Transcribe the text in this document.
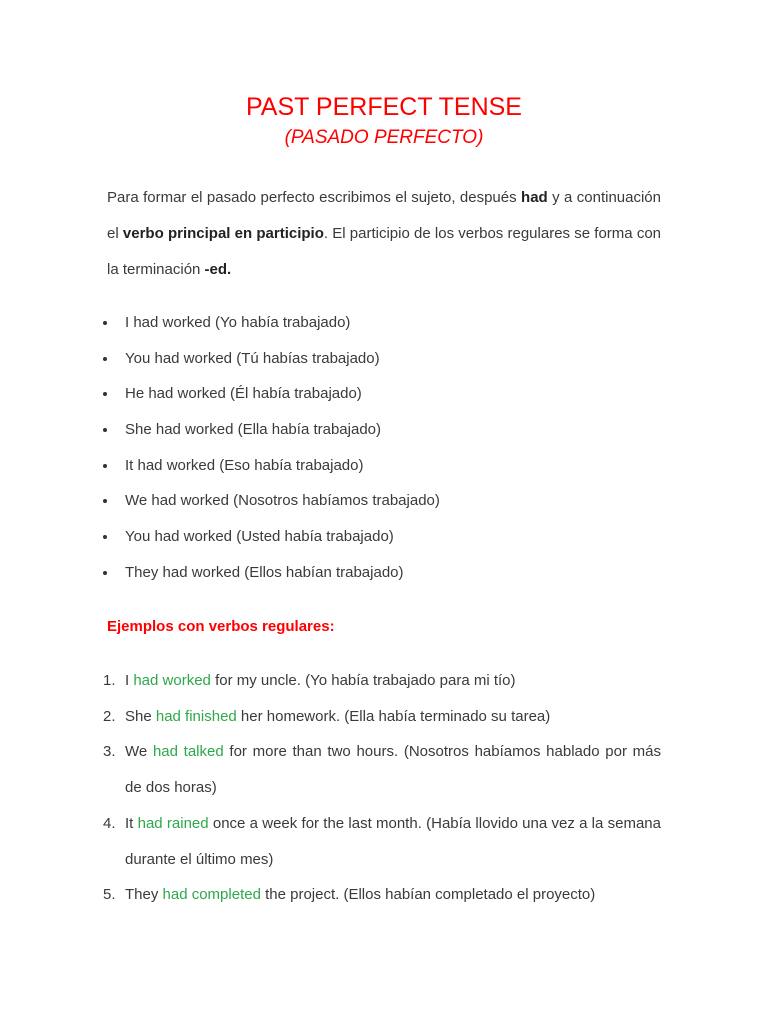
PAST PERFECT TENSE
(PASADO PERFECTO)

Para formar el pasado perfecto escribimos el sujeto, después had y a continuación el verbo principal en participio. El participio de los verbos regulares se forma con la terminación -ed.

I had worked (Yo había trabajado)
You had worked (Tú habías trabajado)
He had worked (Él había trabajado)
She had worked (Ella había trabajado)
It had worked (Eso había trabajado)
We had worked (Nosotros habíamos trabajado)
You had worked (Usted había trabajado)
They had worked (Ellos habían trabajado)
Ejemplos con verbos regulares:
1. I had worked for my uncle. (Yo había trabajado para mi tío)
2. She had finished her homework. (Ella había terminado su tarea)
3. We had talked for more than two hours. (Nosotros habíamos hablado por más de dos horas)
4. It had rained once a week for the last month. (Había llovido una vez a la semana durante el último mes)
5. They had completed the project. (Ellos habían completado el proyecto)
